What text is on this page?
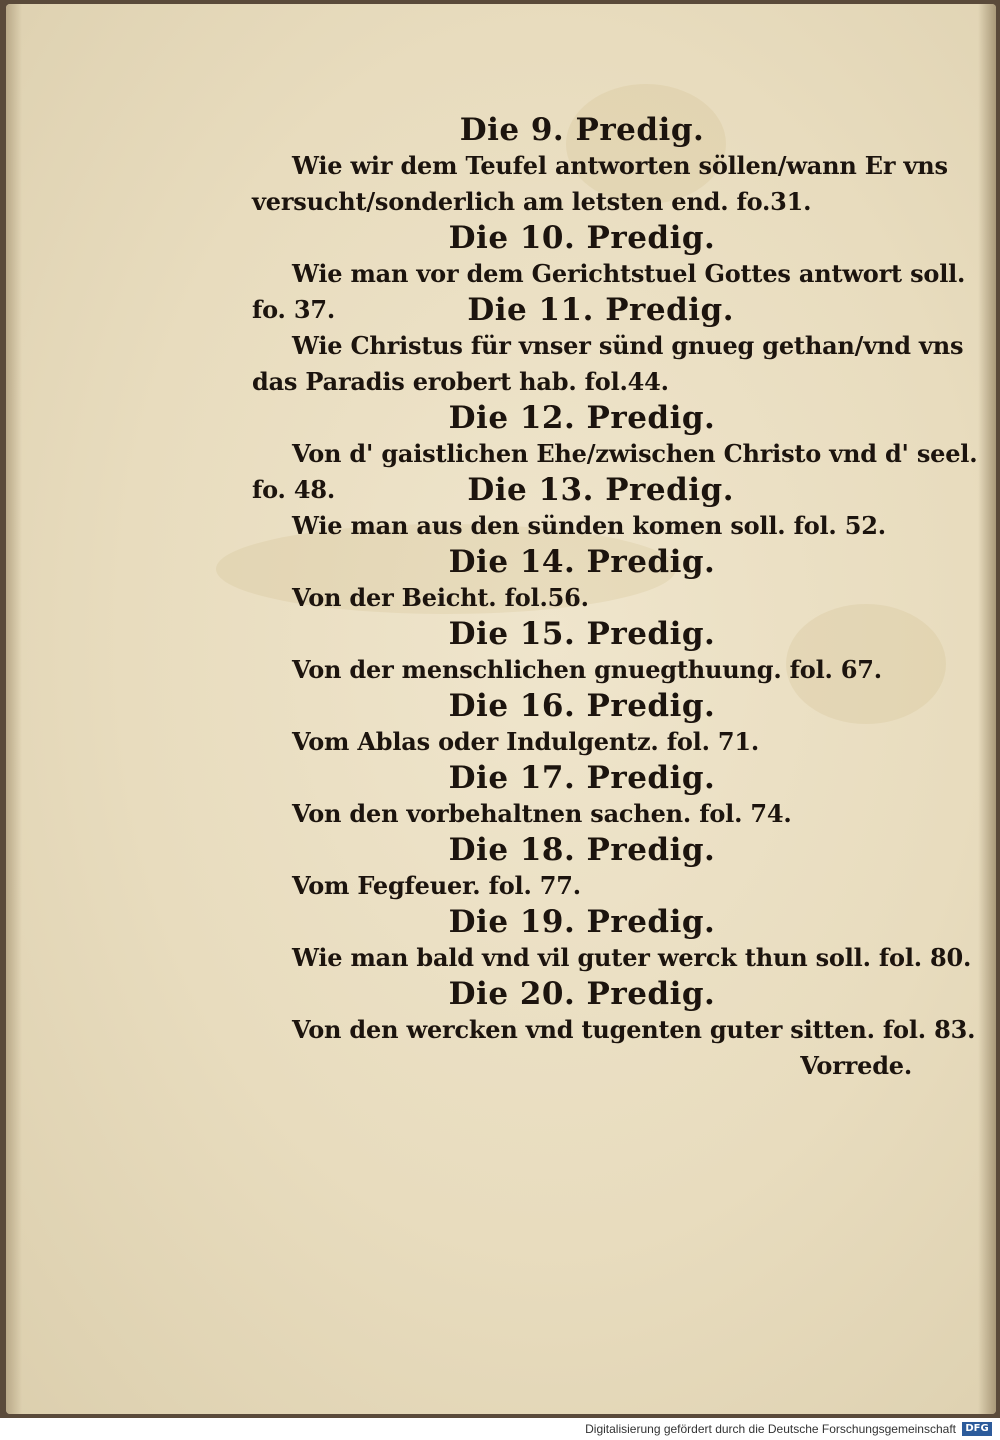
Die 9. Predig.
Wie wir dem Teufel antworten söllen/wann Er vns
versucht/sonderlich am letsten end. fo.31.
Die 10. Predig.
Wie man vor dem Gerichtstuel Gottes antwort soll.
fo. 37.	Die 11. Predig.
Wie Christus für vnser sünd gnueg gethan/vnd vns
das Paradis erobert hab. fol.44.
Die 12. Predig.
Von d' gaistlichen Ehe/zwischen Christo vnd d' seel.
fo. 48.	Die 13. Predig.
Wie man aus den sünden komen soll. fol. 52.
Die 14. Predig.
Von der Beicht. fol.56.
Die 15. Predig.
Von der menschlichen gnuegthuung. fol. 67.
Die 16. Predig.
Vom Ablas oder Indulgentz. fol. 71.
Die 17. Predig.
Von den vorbehaltnen sachen. fol. 74.
Die 18. Predig.
Vom Fegfeuer. fol. 77.
Die 19. Predig.
Wie man bald vnd vil guter werck thun soll. fol. 80.
Die 20. Predig.
Von den wercken vnd tugenten guter sitten. fol. 83.
Vorrede.
Digitalisierung gefördert durch die Deutsche Forschungsgemeinschaft DFG
